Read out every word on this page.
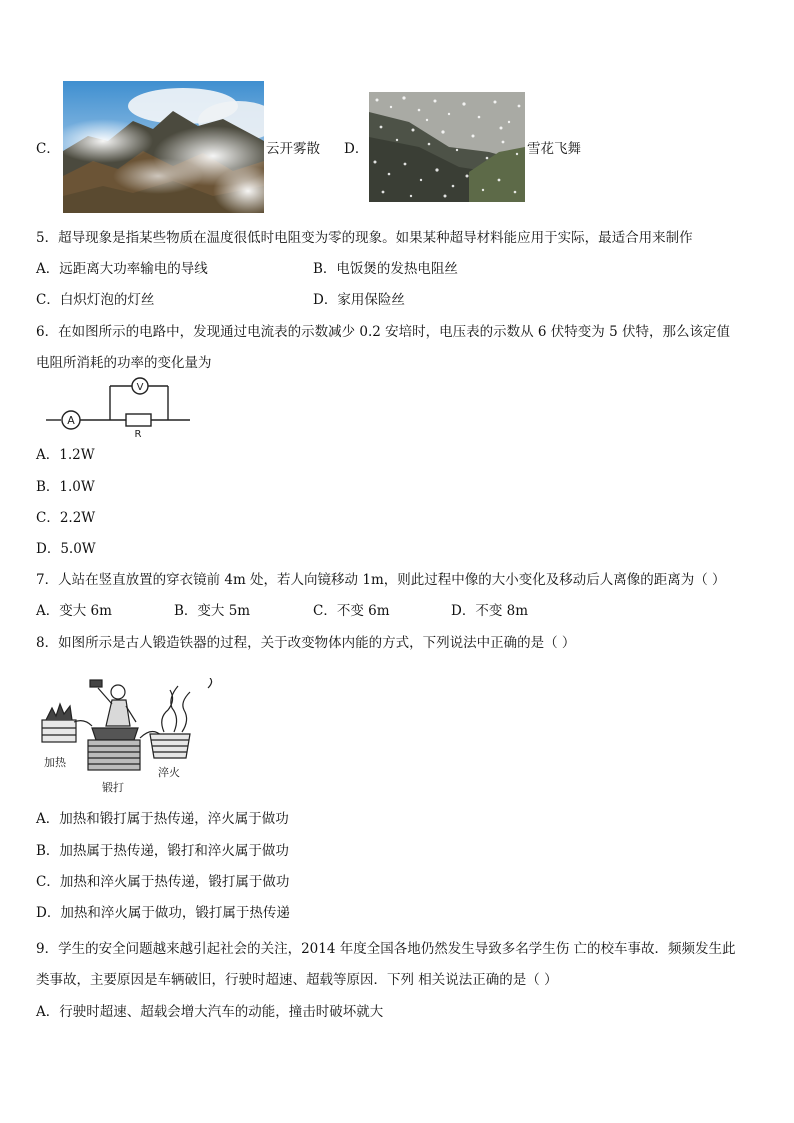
C．	云开雾散 D．	雪花飞舞
5．超导现象是指某些物质在温度很低时电阻变为零的现象。如果某种超导材料能应用于实际，最适合用来制作
A．远距离大功率输电的导线	B．电饭煲的发热电阻丝
C．白炽灯泡的灯丝	D．家用保险丝
6．在如图所示的电路中，发现通过电流表的示数减少 0.2 安培时，电压表的示数从 6 伏特变为 5 伏特，那么该定值
电阻所消耗的功率的变化量为
A
V
R
A．1.2W
B．1.0W
C．2.2W
D．5.0W
7．人站在竖直放置的穿衣镜前 4m 处，若人向镜移动 1m，则此过程中像的大小变化及移动后人离像的距离为（ ）
A．变大 6m	B．变大 5m	C．不变 6m	D．不变 8m
8．如图所示是古人锻造铁器的过程，关于改变物体内能的方式，下列说法中正确的是（ ）
加热
锻打
淬火
A．加热和锻打属于热传递，淬火属于做功
B．加热属于热传递，锻打和淬火属于做功
C．加热和淬火属于热传递，锻打属于做功
D．加热和淬火属于做功，锻打属于热传递
9．学生的安全问题越来越引起社会的关注，2014 年度全国各地仍然发生导致多名学生伤 亡的校车事故．频频发生此
类事故，主要原因是车辆破旧，行驶时超速、超载等原因．下列 相关说法正确的是（ ）
A．行驶时超速、超载会增大汽车的动能，撞击时破坏就大
